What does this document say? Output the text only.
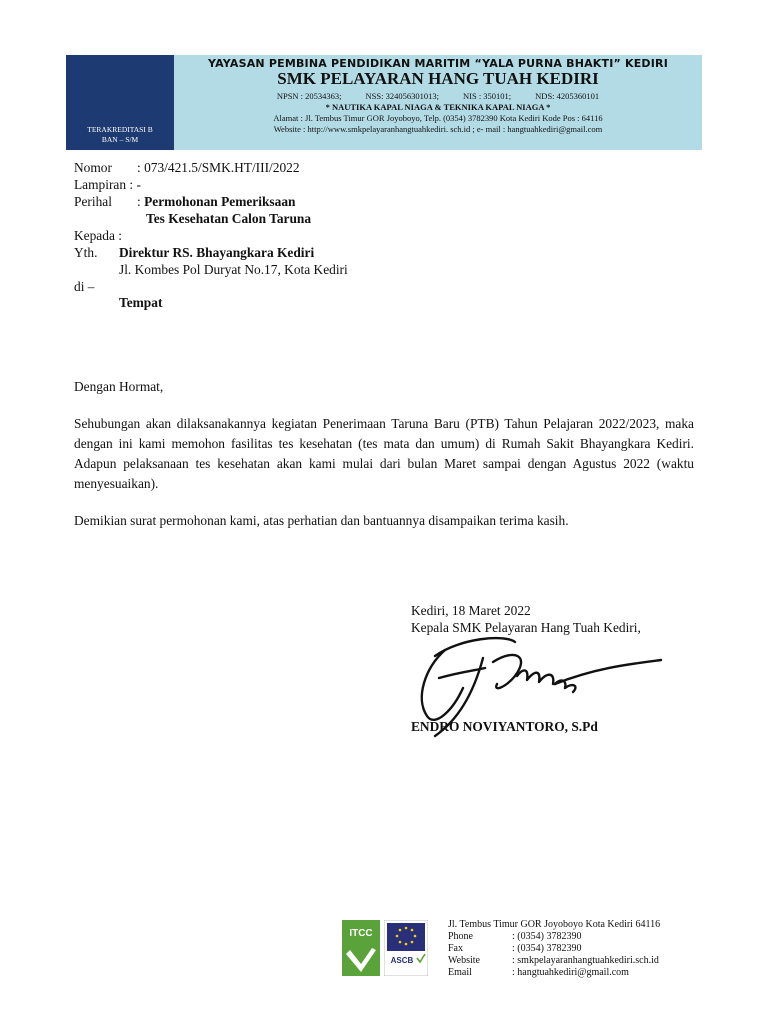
TERAKREDITASI B
BAN – S/M
YAYASAN PEMBINA PENDIDIKAN MARITIM “YALA PURNA BHAKTI” KEDIRI
SMK PELAYARAN HANG TUAH KEDIRI
NPSN : 20534363;	NSS: 324056301013;	NIS : 350101;	NDS: 4205360101
* NAUTIKA KAPAL NIAGA & TEKNIKA KAPAL NIAGA *
Alamat : Jl. Tembus Timur GOR Joyoboyo, Telp. (0354) 3782390 Kota Kediri Kode Pos : 64116
Website : http://www.smkpelayaranhangtuahkediri. sch.id ; e- mail : hangtuahkediri@gmail.com
Nomor : 073/421.5/SMK.HT/III/2022
Lampiran : -
Perihal : Permohonan Pemeriksaan
Tes Kesehatan Calon Taruna
Kepada :
Yth. Direktur RS. Bhayangkara Kediri
Jl. Kombes Pol Duryat No.17, Kota Kediri
di –
Tempat
Dengan Hormat,
Sehubungan akan dilaksanakannya kegiatan Penerimaan Taruna Baru (PTB) Tahun Pelajaran 2022/2023, maka dengan ini kami memohon fasilitas tes kesehatan (tes mata dan umum) di Rumah Sakit Bhayangkara Kediri. Adapun pelaksanaan tes kesehatan akan kami mulai dari bulan Maret sampai dengan Agustus 2022 (waktu menyesuaikan).
Demikian surat permohonan kami, atas perhatian dan bantuannya disampaikan terima kasih.
Kediri, 18 Maret 2022
Kepala SMK Pelayaran Hang Tuah Kediri,
ENDRO NOVIYANTORO, S.Pd
ITCC
ASCB
Jl. Tembus Timur GOR Joyoboyo Kota Kediri 64116
Phone	: (0354) 3782390
Fax	: (0354) 3782390
Website	: smkpelayaranhangtuahkediri.sch.id
Email	: hangtuahkediri@gmail.com
